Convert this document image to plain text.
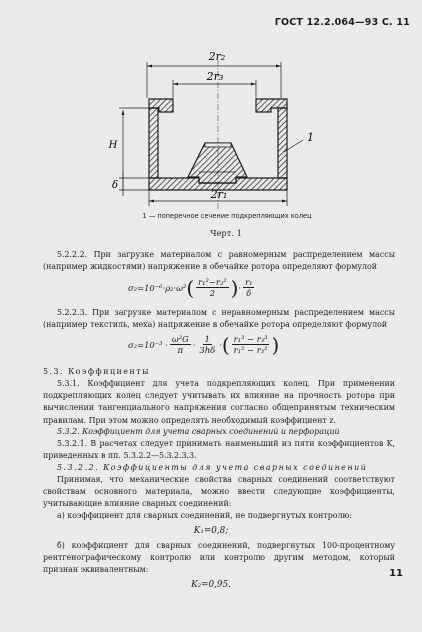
ГОСТ 12.2.064—93 С. 11
2r₂
2r₃
2r₁
H
δ
1
1 — поперечное сечение подкрепляющих колец
Черт. 1

5.2.2.2. При загрузке материалом с равномерным распределением массы (например жидкостями) напряжение в обечайке ротора определяют формулой

σ₂=10⁻⁶·ρ₂·ω² ( $\frac{\text{r₁²−r₃²}}{2}$ ) · $\frac{\text{r₁}}{\delta}$

5.2.2.3. При загрузке материалом с неравномерным распределением массы (например текстиль, меха) напряжение в обечайке ротора определяют формулой

$\sigma_2=10^{-3} \cdot \frac{\text{ω²G}}{\pi} \cdot \frac{1}{3h\delta}$ · ( $\frac{\text{r₁³ − r₃³}}{\text{r₁² − r₃²}}$ )

5.3. Коэффициенты

5.3.1. Коэффициент для учета подкрепляющих колец. При применении подкрепляющих колец следует учитывать их влияние на прочность ротора при вычислении тангенциального напряжения согласно общепринятым техническим правилам. При этом можно определять необходимый коэффициент z.

5.3.2. Коэффициент для учета сварных соединений и перфораций

5.3.2.1. В расчетах следует принимать наименьший из пяти коэффициентов K, приведенных в пп. 5.3.2.2—5.3.2.3.3.

5.3.2.2. Коэффициенты для учета сварных соединений

Принимая, что механические свойства сварных соединений соответствуют свойствам основного материала, можно ввести следующие коэффициенты, учитывающие влияние сварных соединений:

а) коэффициент для сварных соединений, не подвергнутых контролю:

K₁=0,8;

б) коэффициент для сварных соединений, подвергнутых 100-процентному рентгенографическому контролю или контролю другим методом, который признан эквивалентным:

K₂=0,95.
11
